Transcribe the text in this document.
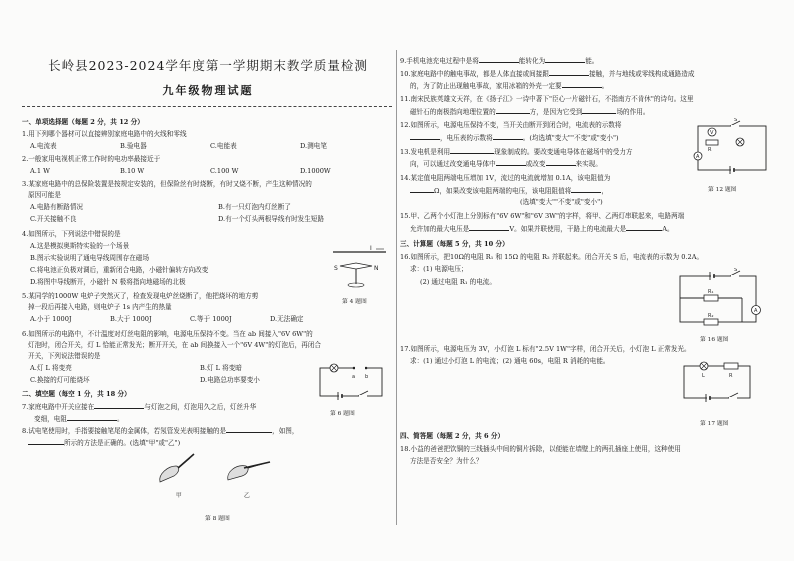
长岭县2023-2024学年度第一学期期末教学质量检测
九年级物理试题
一、单项选择题（每题 2 分，共 12 分）
1.用下列哪个器材可以直接辨别家庭电路中的火线和零线
A.电流表	B.验电器	C.电能表	D.测电笔
2.一般家用电视机正常工作时的电功率最接近于
A.1 W	B.10 W	C.100 W	D.1000W
3.某家庭电路中的总保险装置是按规定安装的，但保险丝有时烧断，有时又烧不断，产生这种情况的
原因可能是
A.电路有断路情况	B.有一只灯泡内灯丝断了
C.开关接触不良	D.有一个灯头两根导线有时发生短路
4.如图所示，下列说法中错误的是
A.这是模拟奥斯特实验的一个场景
B.图示实验说明了通电导线周围存在磁场
C.将电池正负极对调后，重新闭合电路，小磁针偏转方向改变
D.将图中导线断开，小磁针 N 极将指向地磁场的北极
I
S	N
第 4 题图
5.某同学的1000W 电炉子突然灭了，检查发现电炉丝烧断了，他把烧坏的地方剪
掉一段后再接入电路，则电炉子 1s 内产生的热量
A.小于 1000J	B.大于 1000J	C.等于 1000J	D.无法确定
6.如图所示的电路中，不计温度对灯丝电阻的影响，电源电压保持不变。当在 ab 间接入"6V 6W"的
灯泡时，闭合开关，灯 L 恰能正常发光；断开开关，在 ab 间换接入一个"6V 4W"的灯泡后，再闭合
开关，下列说法错误的是
A.灯 L 将变亮	B.灯 L 将变暗
C.换接的灯可能烧坏	D.电路总功率要变小	a b
第 6 题图
二、填空题（每空 1 分，共 18 分）
7.家庭电路中开关应接在	与灯泡之间，灯泡用久之后，灯丝升华
变细，电阻	。
8.试电笔使用时，手指要接触笔尾的金属体，若氖管发光表明接触的是	，如图，
所示的方法是正确的。(选填"甲"或"乙")
甲	乙
第 8 题图
9.手机电池充电过程中是将	能转化为	能。
10.家庭电路中的触电事故，都是人体直接或间接跟	接触，并与地线或零线构成通路造成
的，为了防止出现触电事故，家用冰箱的外壳一定要	。
11.南宋民族英雄文天祥，在《扬子江》一诗中著下"臣心一片磁针石，不指南方不肯休"的诗句。这里
磁针石的南极指向地理位置的	方，是因为它受到	场的作用。
12.如图所示，电源电压保持不变，当开关由断开到闭合时，电流表的示数将
，电压表的示数将	。(均选填"变大""不变"或"变小")
V
S
R
A
第 12 题图
13.发电机是利用	现象制成的。要改变通电导体在磁场中的受力方
向，可以通过改变通电导体中	或改变	来实现。
14.某定值电阻两端电压增加 1V，流过的电流就增加 0.1A，该电阻值为
Ω，如果改变该电阻两端的电压，该电阻阻值将	，
(选填"变大""不变"或"变小")
15.甲、乙两个小灯泡上分别标有"6V 6W"和"6V 3W"的字样，将甲、乙两灯串联起来，电路两端
允许加的最大电压是	V。如果并联使用，干路上的电流最大是	A。
三、计算题（每题 5 分，共 10 分）
16.如图所示，把10Ω的电阻 R₁ 和 15Ω 的电阻 R₂ 并联起来。闭合开关 S 后，电流表的示数为 0.2A。
求：(1) 电源电压；
(2) 通过电阻 R₁ 的电流。
S
R₁
R₂
A
第 16 题图
17.如图所示，电源电压为 3V，小灯泡 L 标有"2.5V 1W"字样，闭合开关后，小灯泡 L 正常发光。
求：(1) 通过小灯泡 L 的电流；(2) 通电 60s，电阻 R 消耗的电能。
L	R
第 17 题图
四、简答题（每题 2 分，共 6 分）
18.小益的爸爸把饮铜的三线插头中间的铜片拆除，以便能在墙壁上的两孔插座上使用，这种使用
方法是否安全？为什么？
